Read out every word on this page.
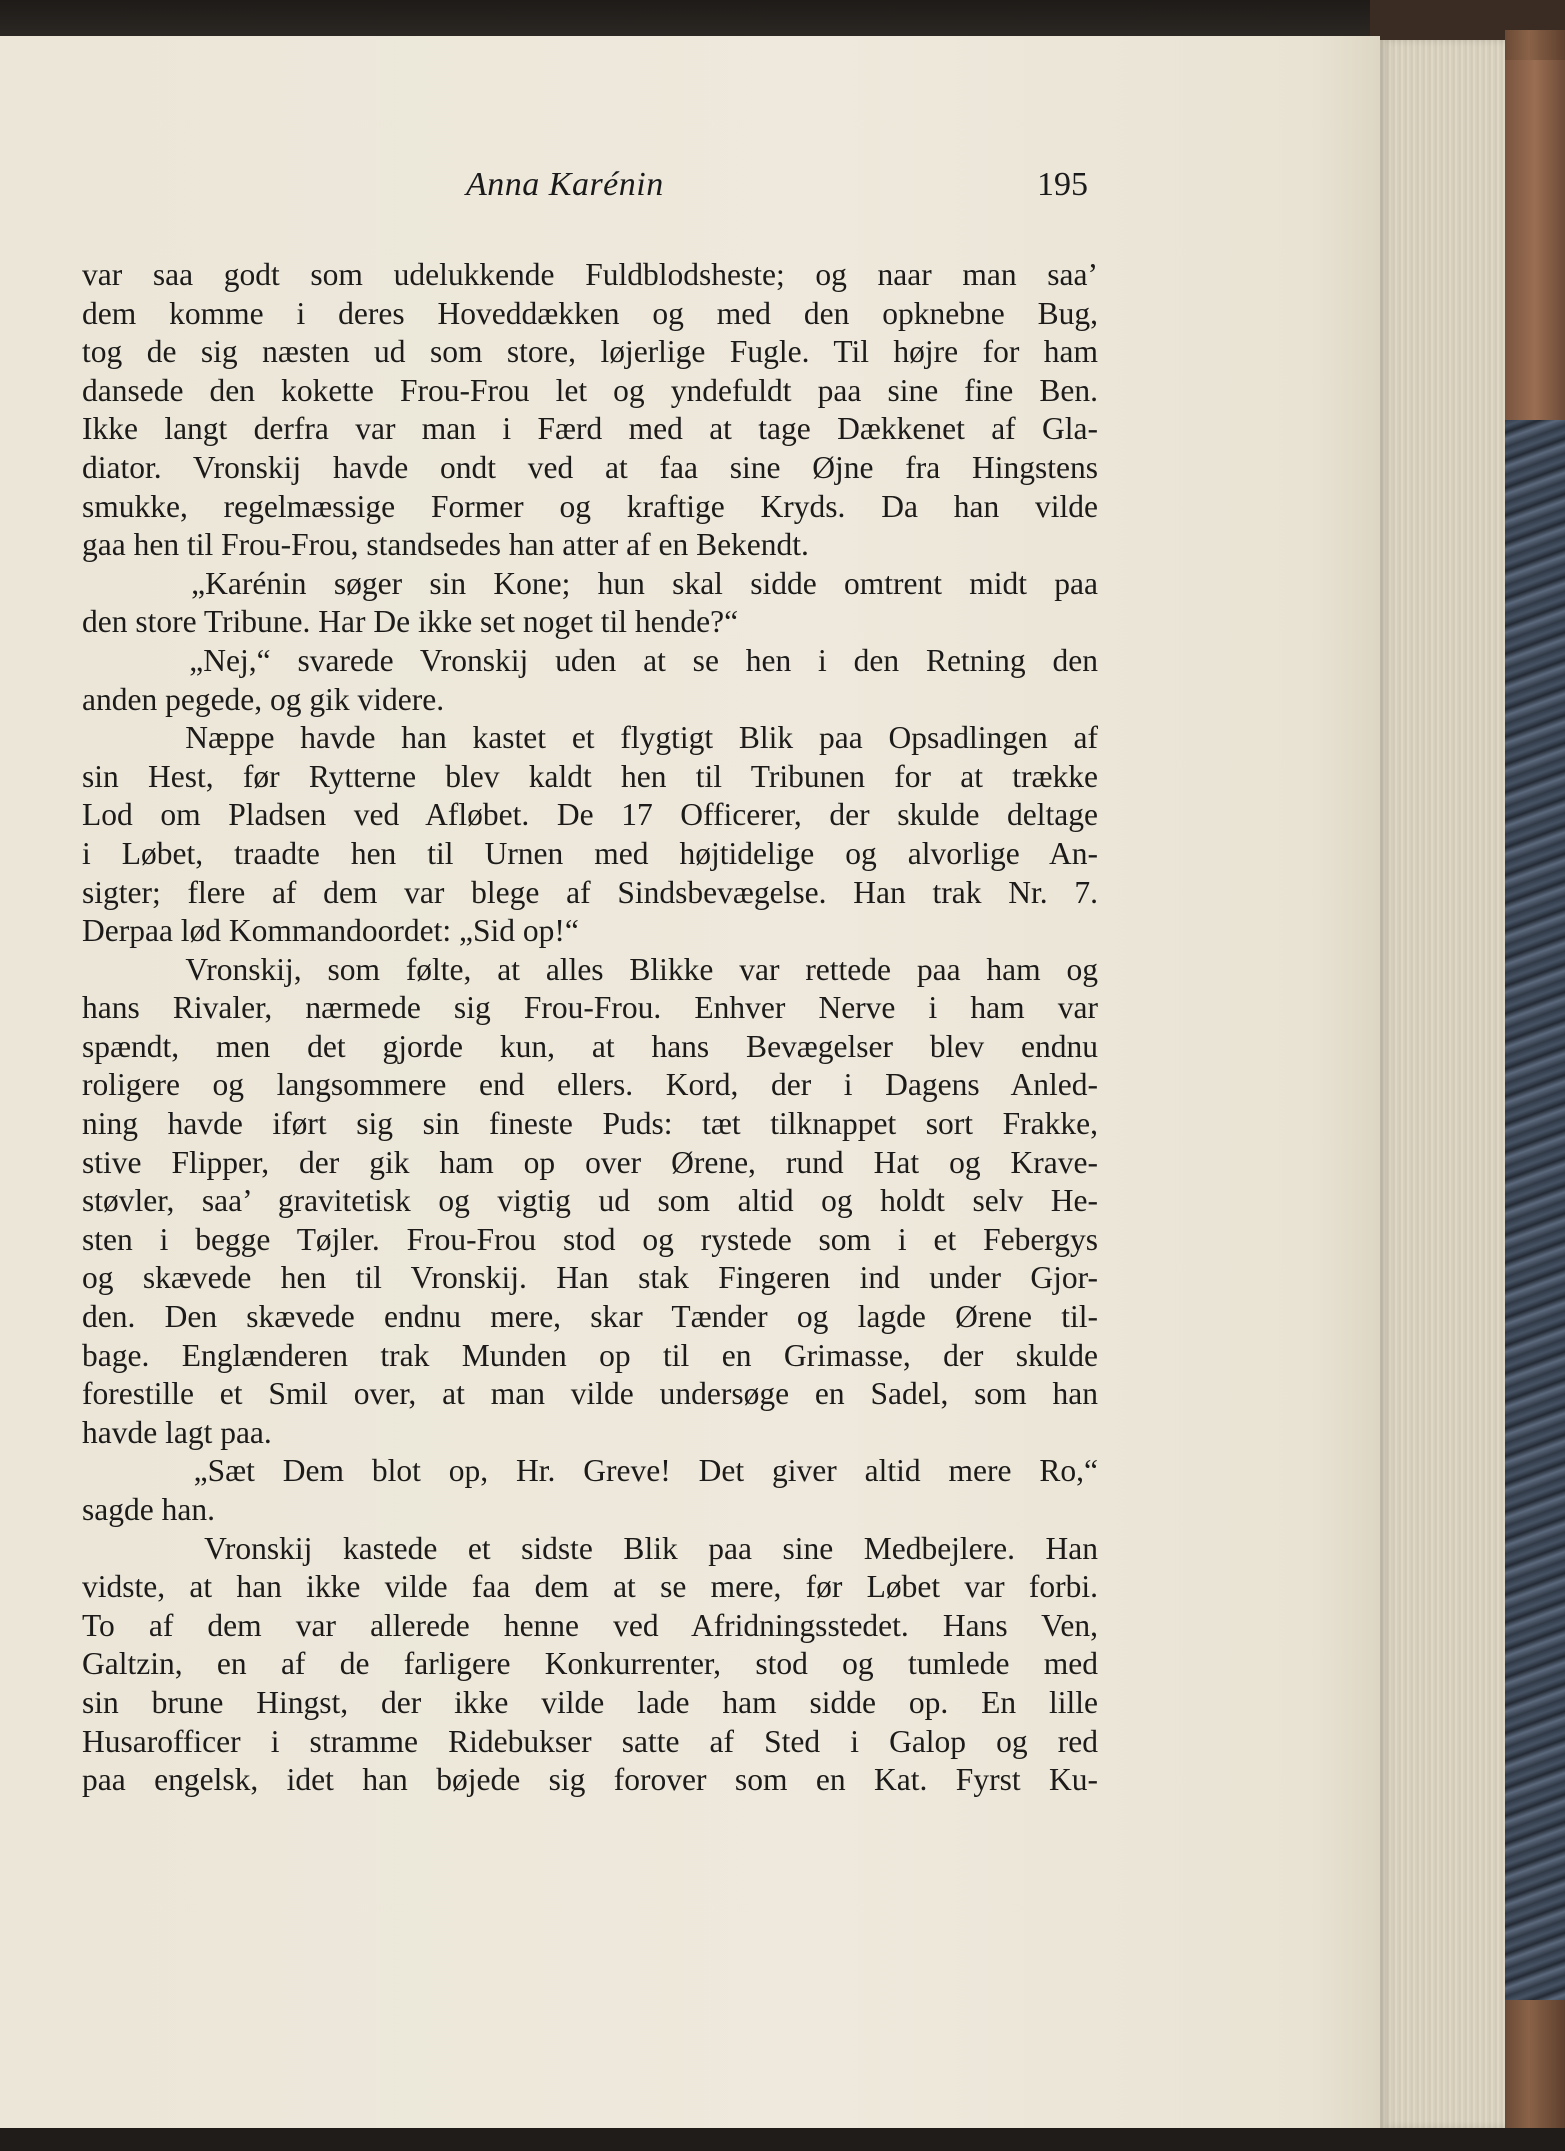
Anna Karénin	195
var saa godt som udelukkende Fuldblodsheste; og naar man saa’
dem komme i deres Hoveddækken og med den opknebne Bug,
tog de sig næsten ud som store, løjerlige Fugle. Til højre for ham
dansede den kokette Frou-Frou let og yndefuldt paa sine fine Ben.
Ikke langt derfra var man i Færd med at tage Dækkenet af Gla-
diator. Vronskij havde ondt ved at faa sine Øjne fra Hingstens
smukke, regelmæssige Former og kraftige Kryds. Da han vilde
gaa hen til Frou-Frou, standsedes han atter af en Bekendt.
„Karénin søger sin Kone; hun skal sidde omtrent midt paa
den store Tribune. Har De ikke set noget til hende?“
„Nej,“ svarede Vronskij uden at se hen i den Retning den
anden pegede, og gik videre.
Næppe havde han kastet et flygtigt Blik paa Opsadlingen af
sin Hest, før Rytterne blev kaldt hen til Tribunen for at trække
Lod om Pladsen ved Afløbet. De 17 Officerer, der skulde deltage
i Løbet, traadte hen til Urnen med højtidelige og alvorlige An-
sigter; flere af dem var blege af Sindsbevægelse. Han trak Nr. 7.
Derpaa lød Kommandoordet: „Sid op!“
Vronskij, som følte, at alles Blikke var rettede paa ham og
hans Rivaler, nærmede sig Frou-Frou. Enhver Nerve i ham var
spændt, men det gjorde kun, at hans Bevægelser blev endnu
roligere og langsommere end ellers. Kord, der i Dagens Anled-
ning havde iført sig sin fineste Puds: tæt tilknappet sort Frakke,
stive Flipper, der gik ham op over Ørene, rund Hat og Krave-
støvler, saa’ gravitetisk og vigtig ud som altid og holdt selv He-
sten i begge Tøjler. Frou-Frou stod og rystede som i et Febergys
og skævede hen til Vronskij. Han stak Fingeren ind under Gjor-
den. Den skævede endnu mere, skar Tænder og lagde Ørene til-
bage. Englænderen trak Munden op til en Grimasse, der skulde
forestille et Smil over, at man vilde undersøge en Sadel, som han
havde lagt paa.
„Sæt Dem blot op, Hr. Greve! Det giver altid mere Ro,“
sagde han.
Vronskij kastede et sidste Blik paa sine Medbejlere. Han
vidste, at han ikke vilde faa dem at se mere, før Løbet var forbi.
To af dem var allerede henne ved Afridningsstedet. Hans Ven,
Galtzin, en af de farligere Konkurrenter, stod og tumlede med
sin brune Hingst, der ikke vilde lade ham sidde op. En lille
Husarofficer i stramme Ridebukser satte af Sted i Galop og red
paa engelsk, idet han bøjede sig forover som en Kat. Fyrst Ku-
